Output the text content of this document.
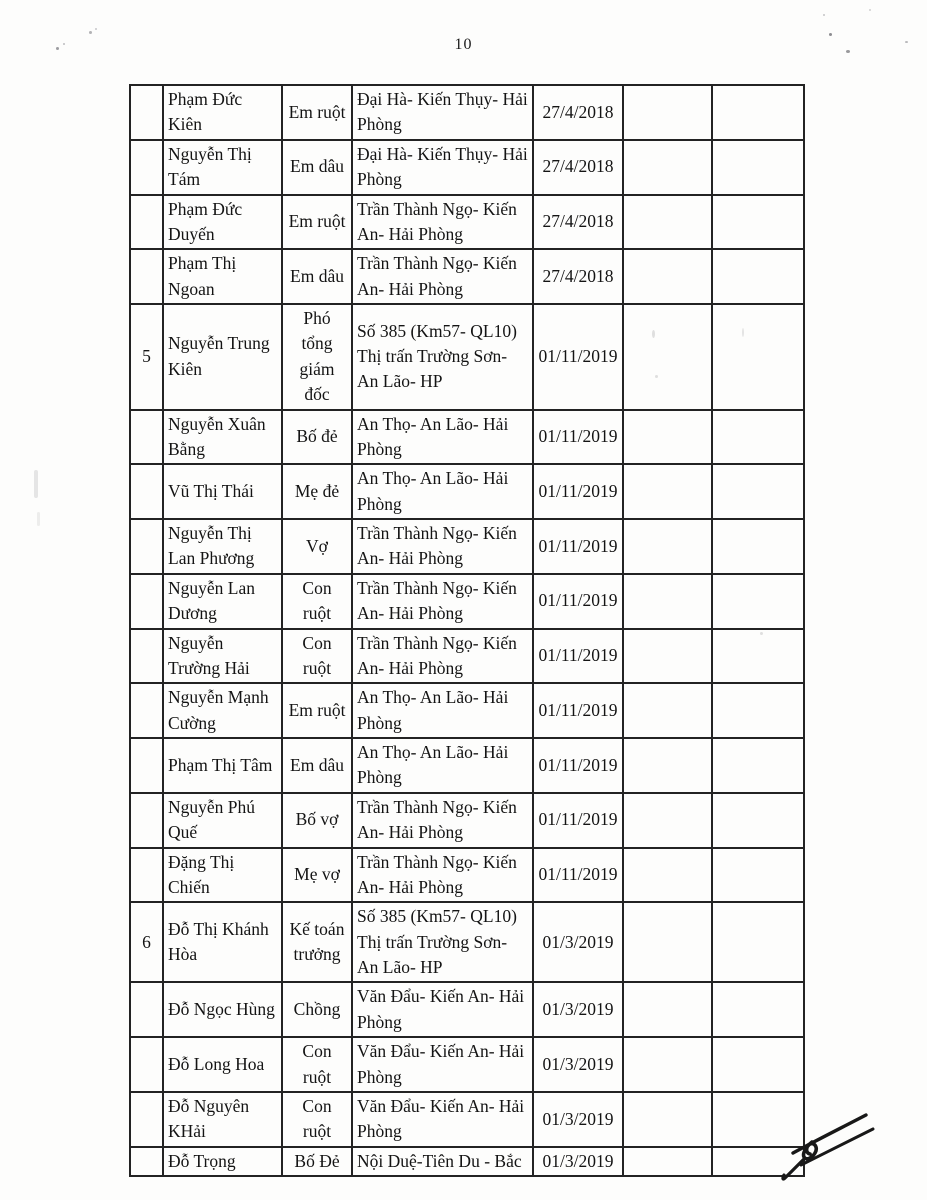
10
	Phạm Đức Kiên	Em ruột	Đại Hà- Kiến Thụy- Hải Phòng	27/4/2018		
	Nguyễn Thị Tám	Em dâu	Đại Hà- Kiến Thụy- Hải Phòng	27/4/2018		
	Phạm Đức Duyến	Em ruột	Trần Thành Ngọ- Kiến An- Hải Phòng	27/4/2018		
	Phạm Thị Ngoan	Em dâu	Trần Thành Ngọ- Kiến An- Hải Phòng	27/4/2018		
5	Nguyễn Trung Kiên	Phó tổng giám đốc	Số 385 (Km57- QL10) Thị trấn Trường Sơn- An Lão- HP	01/11/2019		
	Nguyễn Xuân Bằng	Bố đẻ	An Thọ- An Lão- Hải Phòng	01/11/2019		
	Vũ Thị Thái	Mẹ đẻ	An Thọ- An Lão- Hải Phòng	01/11/2019		
	Nguyễn Thị Lan Phương	Vợ	Trần Thành Ngọ- Kiến An- Hải Phòng	01/11/2019		
	Nguyễn Lan Dương	Con ruột	Trần Thành Ngọ- Kiến An- Hải Phòng	01/11/2019		
	Nguyễn Trường Hải	Con ruột	Trần Thành Ngọ- Kiến An- Hải Phòng	01/11/2019		
	Nguyễn Mạnh Cường	Em ruột	An Thọ- An Lão- Hải Phòng	01/11/2019		
	Phạm Thị Tâm	Em dâu	An Thọ- An Lão- Hải Phòng	01/11/2019		
	Nguyễn Phú Quế	Bố vợ	Trần Thành Ngọ- Kiến An- Hải Phòng	01/11/2019		
	Đặng Thị Chiến	Mẹ vợ	Trần Thành Ngọ- Kiến An- Hải Phòng	01/11/2019		
6	Đỗ Thị Khánh Hòa	Kế toán trưởng	Số 385 (Km57- QL10) Thị trấn Trường Sơn- An Lão- HP	01/3/2019		
	Đỗ Ngọc Hùng	Chồng	Văn Đẩu- Kiến An- Hải Phòng	01/3/2019		
	Đỗ Long Hoa	Con ruột	Văn Đẩu- Kiến An- Hải Phòng	01/3/2019		
	Đỗ Nguyên KHải	Con ruột	Văn Đẩu- Kiến An- Hải Phòng	01/3/2019		
	Đỗ Trọng	Bố Đẻ	Nội Duệ-Tiên Du - Bắc	01/3/2019		
